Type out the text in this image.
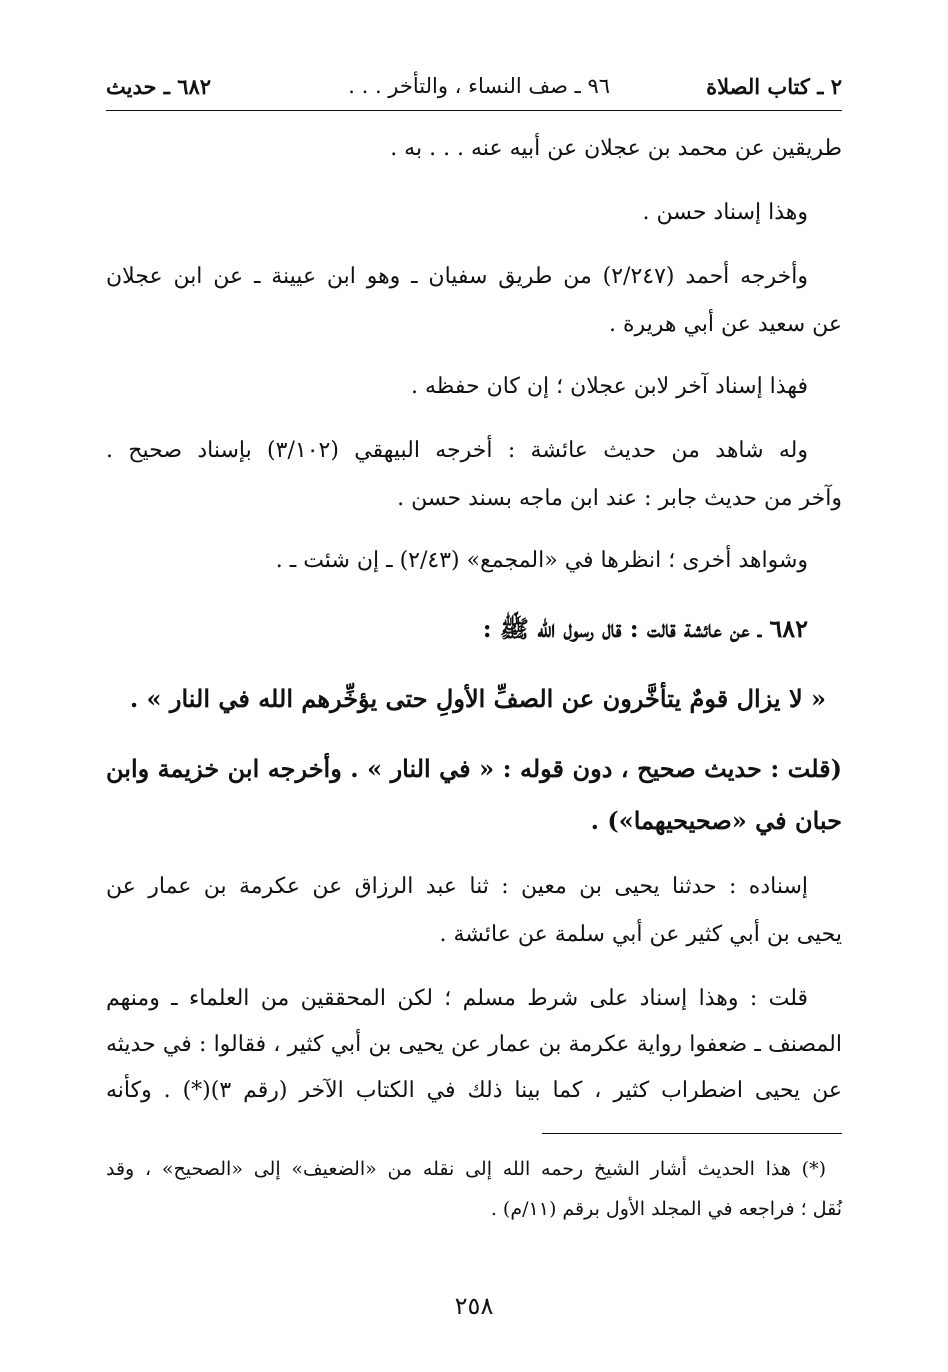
٢ ـ كتاب الصلاة
٩٦ ـ صف النساء ، والتأخر . . .
٦٨٢ ـ حديث
طريقين عن محمد بن عجلان عن أبيه عنه . . . به .
وهذا إسناد حسن .
وأخرجه أحمد (٢/٢٤٧) من طريق سفيان ـ وهو ابن عيينة ـ عن ابن عجلان
عن سعيد عن أبي هريرة .
فهذا إسناد آخر لابن عجلان ؛ إن كان حفظه .
وله شاهد من حديث عائشة : أخرجه البيهقي (٣/١٠٢) بإسناد صحيح .
وآخر من حديث جابر : عند ابن ماجه بسند حسن .
وشواهد أخرى ؛ انظرها في «المجمع» (٢/٤٣) ـ إن شئت ـ .
٦٨٢ ـ عن عائشة قالت : قال رسول الله ﷺ :
« لا يزال قومٌ يتأخَّرون عن الصفِّ الأولِ حتى يؤخِّرهم الله في النار » .
(قلت : حديث صحيح ، دون قوله : « في النار » . وأخرجه ابن خزيمة وابن
حبان في «صحيحيهما») .
إسناده : حدثنا يحيى بن معين : ثنا عبد الرزاق عن عكرمة بن عمار عن
يحيى بن أبي كثير عن أبي سلمة عن عائشة .
قلت : وهذا إسناد على شرط مسلم ؛ لكن المحققين من العلماء ـ ومنهم
المصنف ـ ضعفوا رواية عكرمة بن عمار عن يحيى بن أبي كثير ، فقالوا : في حديثه
عن يحيى اضطراب كثير ، كما بينا ذلك في الكتاب الآخر (رقم ٣)(*) . وكأنه
(*) هذا الحديث أشار الشيخ رحمه الله إلى نقله من «الضعيف» إلى «الصحيح» ، وقد
نُقل ؛ فراجعه في المجلد الأول برقم (١١/م) .
٢٥٨
